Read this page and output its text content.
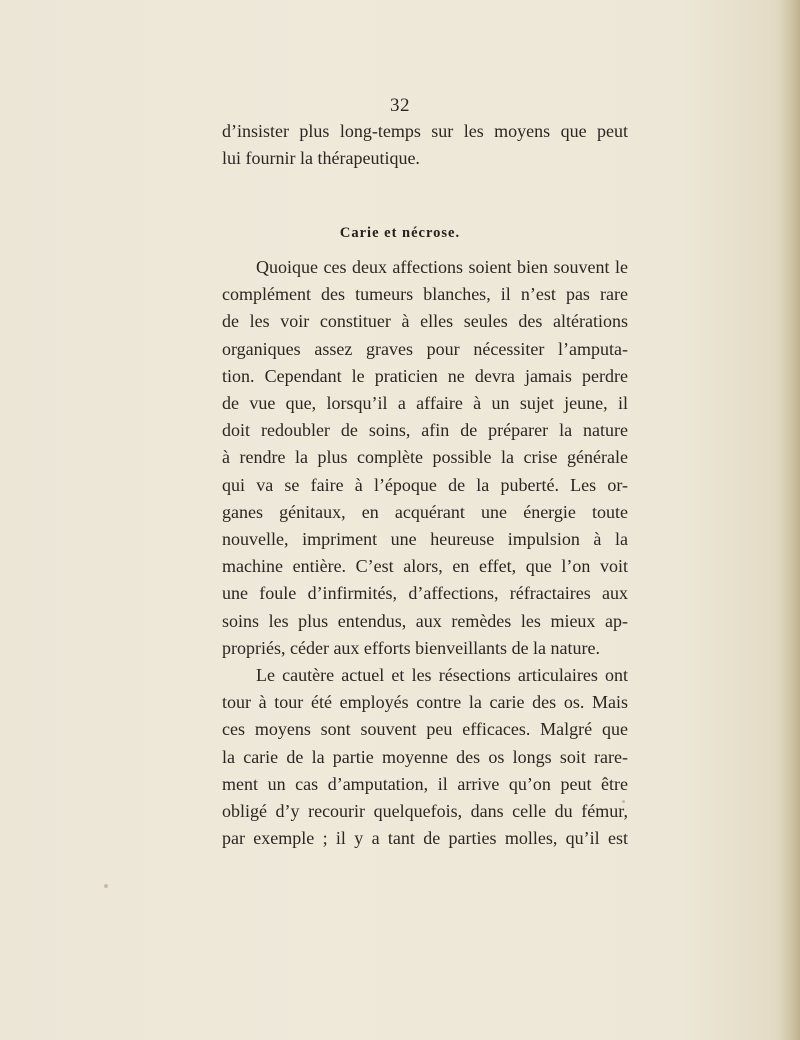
32
d’insister plus long-temps sur les moyens que peut
lui fournir la thérapeutique.
Carie et nécrose.
Quoique ces deux affections soient bien souvent le
complément des tumeurs blanches, il n’est pas rare
de les voir constituer à elles seules des altérations
organiques assez graves pour nécessiter l’amputa-
tion. Cependant le praticien ne devra jamais perdre
de vue que, lorsqu’il a affaire à un sujet jeune, il
doit redoubler de soins, afin de préparer la nature
à rendre la plus complète possible la crise générale
qui va se faire à l’époque de la puberté. Les or-
ganes génitaux, en acquérant une énergie toute
nouvelle, impriment une heureuse impulsion à la
machine entière. C’est alors, en effet, que l’on voit
une foule d’infirmités, d’affections, réfractaires aux
soins les plus entendus, aux remèdes les mieux ap-
propriés, céder aux efforts bienveillants de la nature.
Le cautère actuel et les résections articulaires ont
tour à tour été employés contre la carie des os. Mais
ces moyens sont souvent peu efficaces. Malgré que
la carie de la partie moyenne des os longs soit rare-
ment un cas d’amputation, il arrive qu’on peut être
obligé d’y recourir quelquefois, dans celle du fémur,
par exemple ; il y a tant de parties molles, qu’il est
